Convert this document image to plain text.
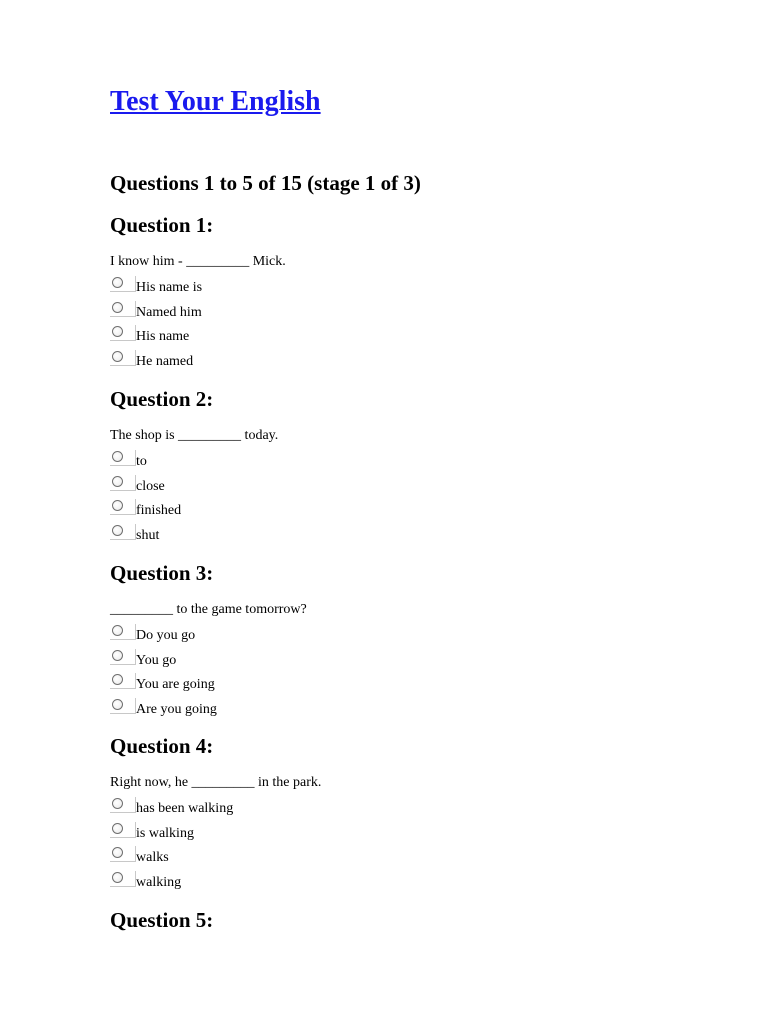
Test Your English
Questions 1 to 5 of 15 (stage 1 of 3)
Question 1:
I know him - _________ Mick.
His name is
Named him
His name
He named
Question 2:
The shop is _________ today.
to
close
finished
shut
Question 3:
_________ to the game tomorrow?
Do you go
You go
You are going
Are you going
Question 4:
Right now, he _________ in the park.
has been walking
is walking
walks
walking
Question 5:
